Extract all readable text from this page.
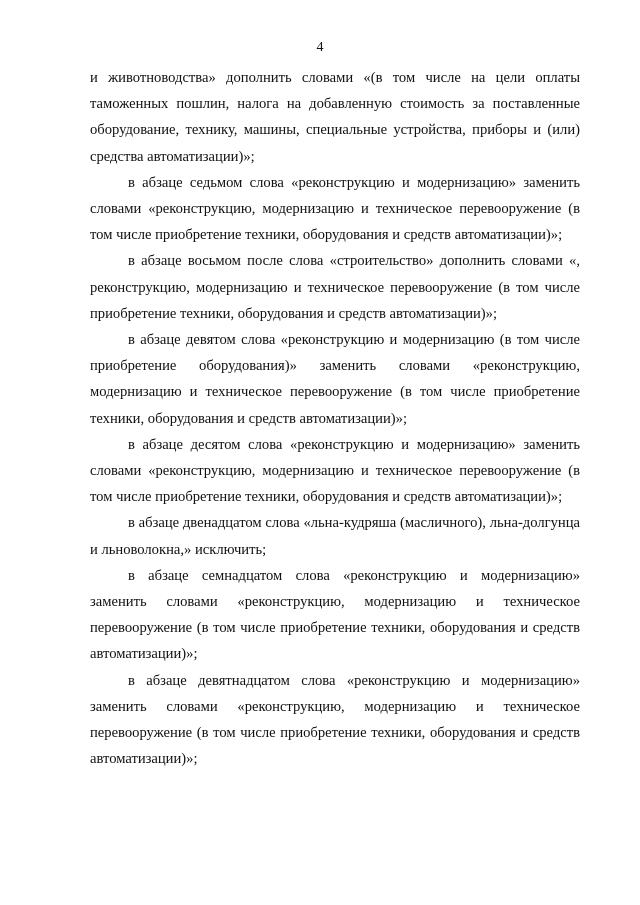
4

и животноводства» дополнить словами «(в том числе на цели оплаты таможенных пошлин, налога на добавленную стоимость за поставленные оборудование, технику, машины, специальные устройства, приборы и (или) средства автоматизации)»;

в абзаце седьмом слова «реконструкцию и модернизацию» заменить словами «реконструкцию, модернизацию и техническое перевооружение (в том числе приобретение техники, оборудования и средств автоматизации)»;

в абзаце восьмом после слова «строительство» дополнить словами «, реконструкцию, модернизацию и техническое перевооружение (в том числе приобретение техники, оборудования и средств автоматизации)»;

в абзаце девятом слова «реконструкцию и модернизацию (в том числе приобретение оборудования)» заменить словами «реконструкцию, модернизацию и техническое перевооружение (в том числе приобретение техники, оборудования и средств автоматизации)»;

в абзаце десятом слова «реконструкцию и модернизацию» заменить словами «реконструкцию, модернизацию и техническое перевооружение (в том числе приобретение техники, оборудования и средств автоматизации)»;

в абзаце двенадцатом слова «льна-кудряша (масличного), льна-долгунца и льноволокна,» исключить;

в абзаце семнадцатом слова «реконструкцию и модернизацию» заменить словами «реконструкцию, модернизацию и техническое перевооружение (в том числе приобретение техники, оборудования и средств автоматизации)»;

в абзаце девятнадцатом слова «реконструкцию и модернизацию» заменить словами «реконструкцию, модернизацию и техническое перевооружение (в том числе приобретение техники, оборудования и средств автоматизации)»;
